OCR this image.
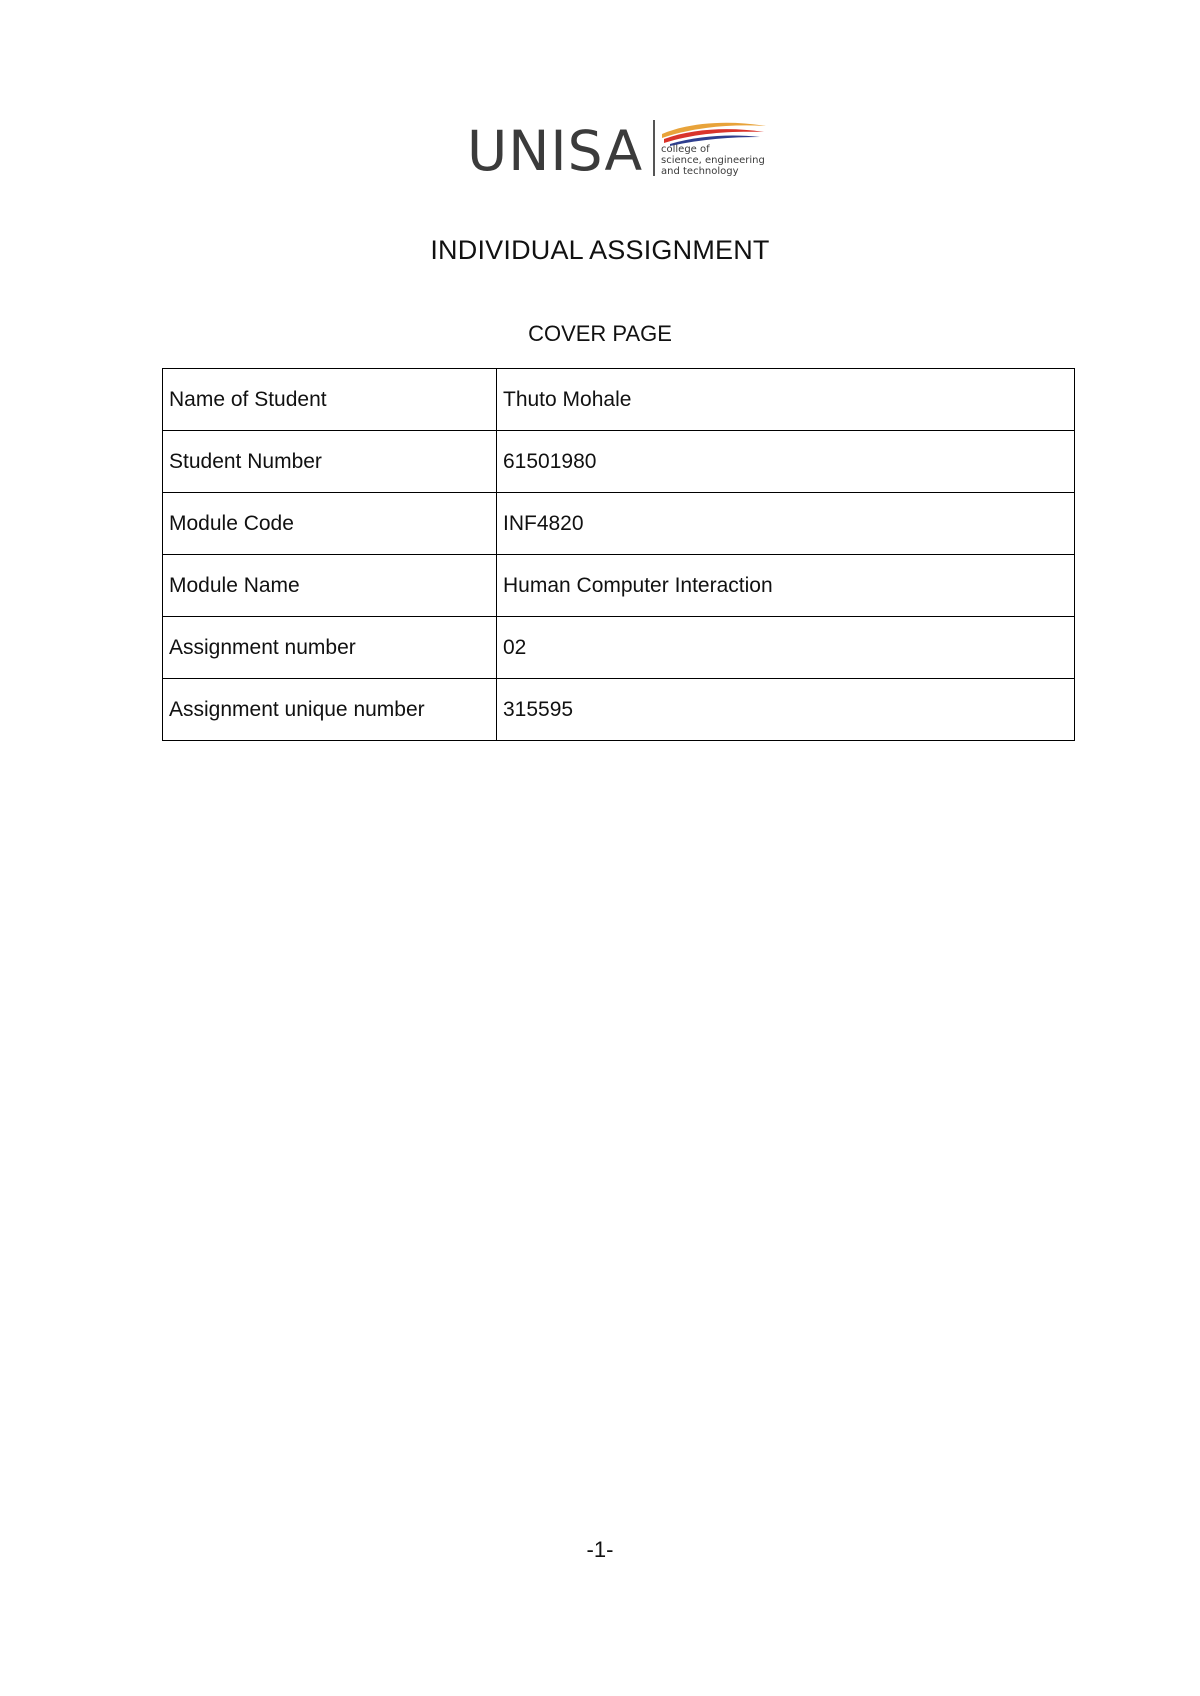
UNISA college of
science, engineering
and technology
INDIVIDUAL ASSIGNMENT
COVER PAGE
Name of Student	Thuto Mohale
Student Number	61501980
Module Code	INF4820
Module Name	Human Computer Interaction
Assignment number	02
Assignment unique number	315595
-1-
